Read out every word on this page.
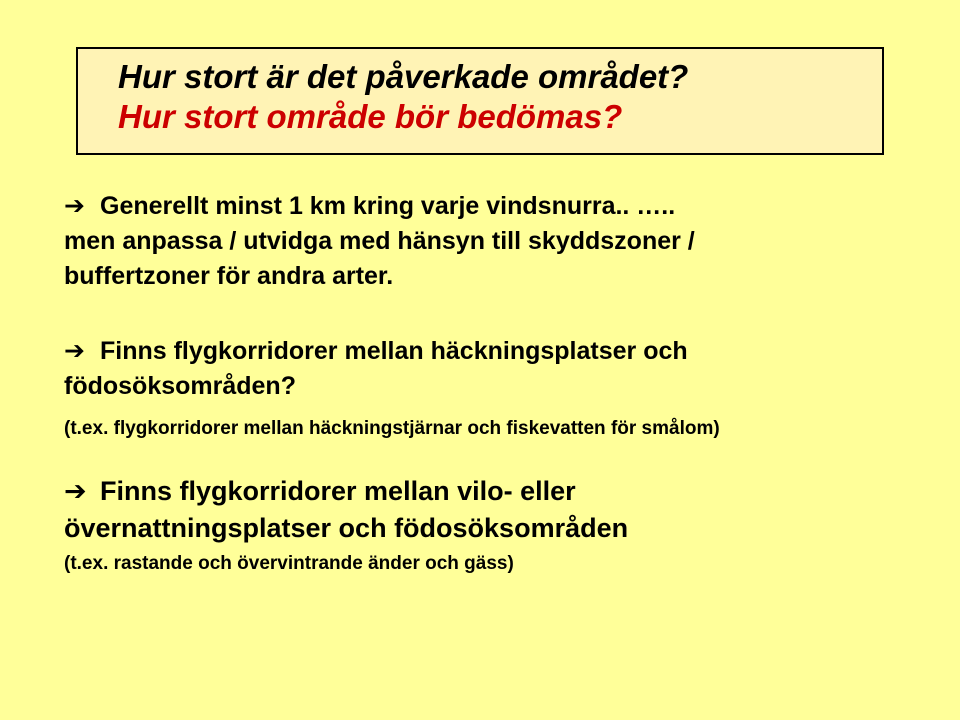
Hur stort är det påverkade området?
Hur stort område bör bedömas?
➔ Generellt minst 1 km kring varje vindsnurra.. …..
men anpassa / utvidga med hänsyn till skyddszoner /
buffertzoner för andra arter.
➔ Finns flygkorridorer mellan häckningsplatser och
födosöksområden?
(t.ex. flygkorridorer mellan häckningstjärnar och fiskevatten för smålom)
➔ Finns flygkorridorer mellan vilo- eller
övernattningsplatser och födosöksområden
(t.ex. rastande och övervintrande änder och gäss)
